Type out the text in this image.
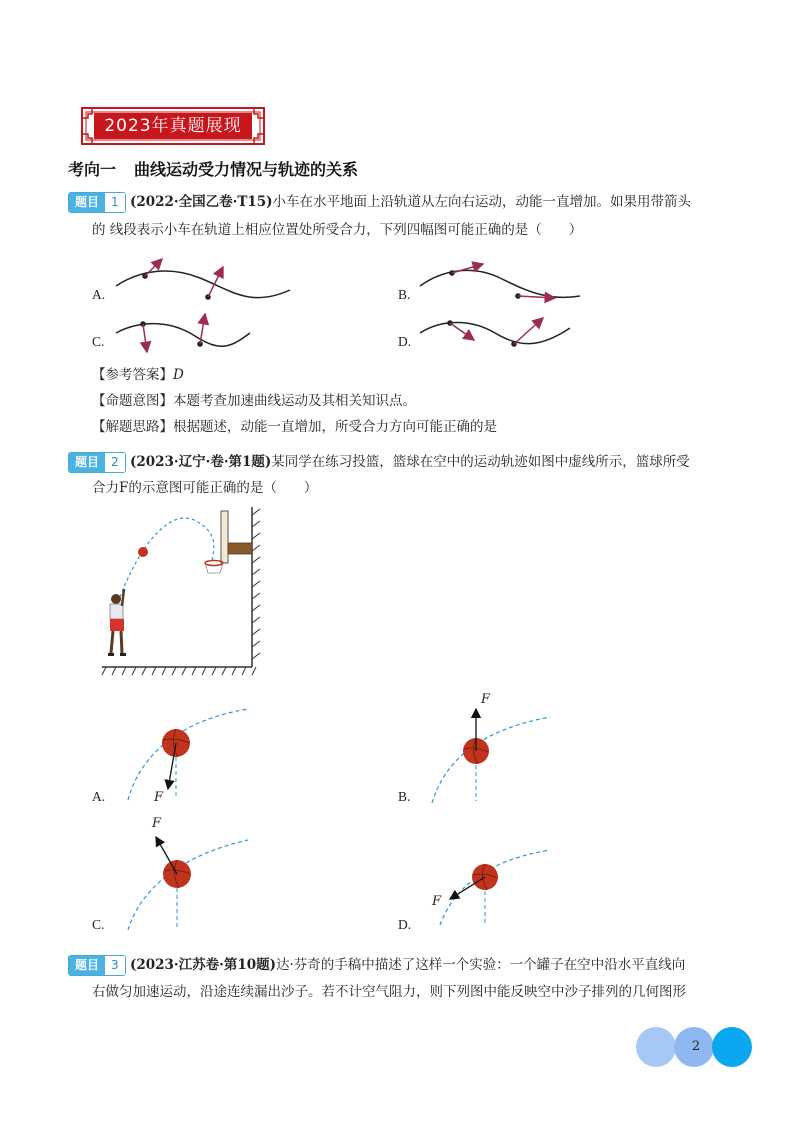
2023年真题展现
考向一 曲线运动受力情况与轨迹的关系
题目	1 (2022·全国乙卷·T15)小车在水平地面上沿轨道从左向右运动，动能一直增加。如果用带箭头
的 线段表示小车在轨道上相应位置处所受合力，下列四幅图可能正确的是（　　）
A.	B.
C.	D.
【参考答案】D
【命题意图】本题考查加速曲线运动及其相关知识点。
【解题思路】根据题述，动能一直增加，所受合力方向可能正确的是
题目	2 (2023·辽宁·卷·第1题)某同学在练习投篮，篮球在空中的运动轨迹如图中虚线所示，篮球所受
合力F的示意图可能正确的是（　　）
A.	B.
C.	D.
F
F
F
F
题目	3 (2023·江苏卷·第10题)达·芬奇的手稿中描述了这样一个实验：一个罐子在空中沿水平直线向
右做匀加速运动，沿途连续漏出沙子。若不计空气阻力，则下列图中能反映空中沙子排列的几何图形
2
